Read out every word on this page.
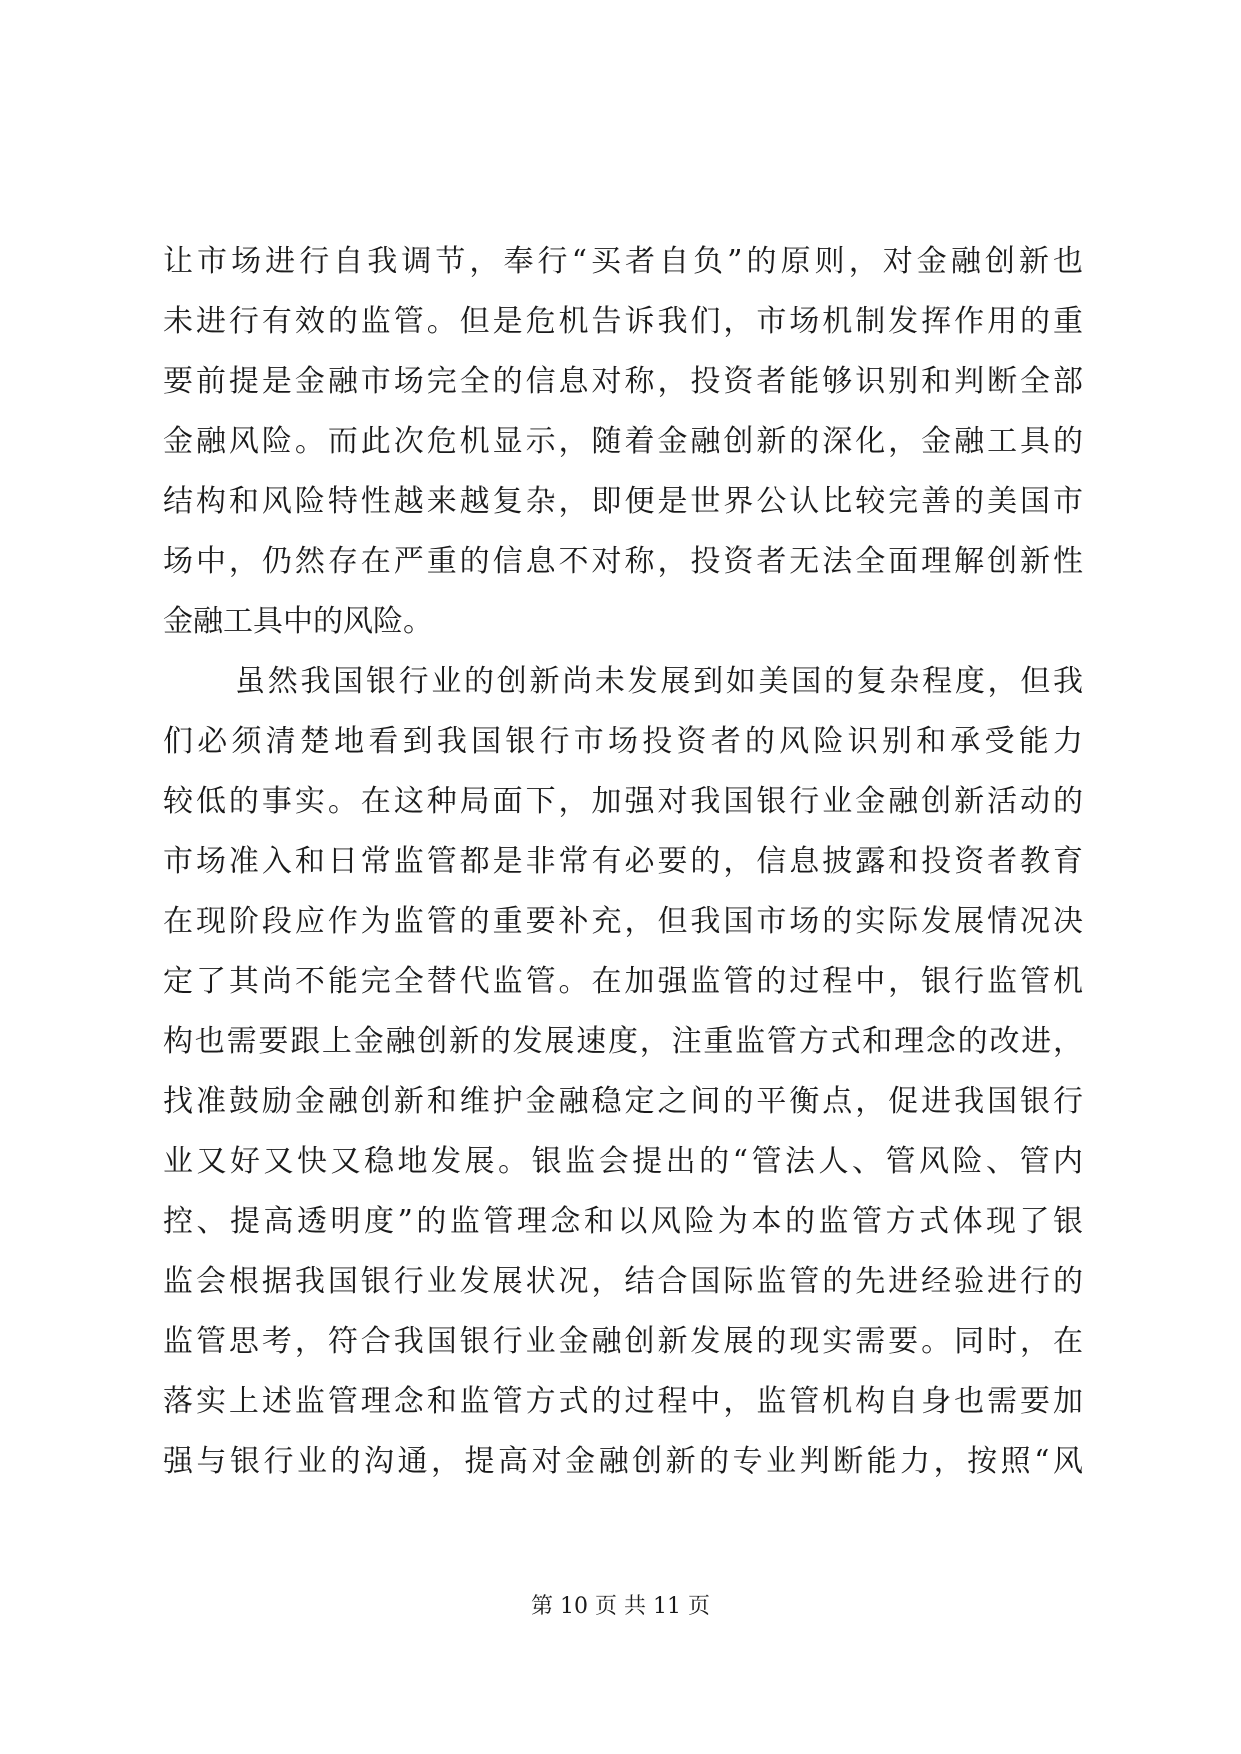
让市场进行自我调节，奉行“买者自负”的原则，对金融创新也
未进行有效的监管。但是危机告诉我们，市场机制发挥作用的重
要前提是金融市场完全的信息对称，投资者能够识别和判断全部
金融风险。而此次危机显示，随着金融创新的深化，金融工具的
结构和风险特性越来越复杂，即便是世界公认比较完善的美国市
场中，仍然存在严重的信息不对称，投资者无法全面理解创新性
金融工具中的风险。
虽然我国银行业的创新尚未发展到如美国的复杂程度，但我
们必须清楚地看到我国银行市场投资者的风险识别和承受能力
较低的事实。在这种局面下，加强对我国银行业金融创新活动的
市场准入和日常监管都是非常有必要的，信息披露和投资者教育
在现阶段应作为监管的重要补充，但我国市场的实际发展情况决
定了其尚不能完全替代监管。在加强监管的过程中，银行监管机
构也需要跟上金融创新的发展速度，注重监管方式和理念的改进，
找准鼓励金融创新和维护金融稳定之间的平衡点，促进我国银行
业又好又快又稳地发展。银监会提出的“管法人、管风险、管内
控、提高透明度”的监管理念和以风险为本的监管方式体现了银
监会根据我国银行业发展状况，结合国际监管的先进经验进行的
监管思考，符合我国银行业金融创新发展的现实需要。同时，在
落实上述监管理念和监管方式的过程中，监管机构自身也需要加
强与银行业的沟通，提高对金融创新的专业判断能力，按照“风
第 10 页 共 11 页
